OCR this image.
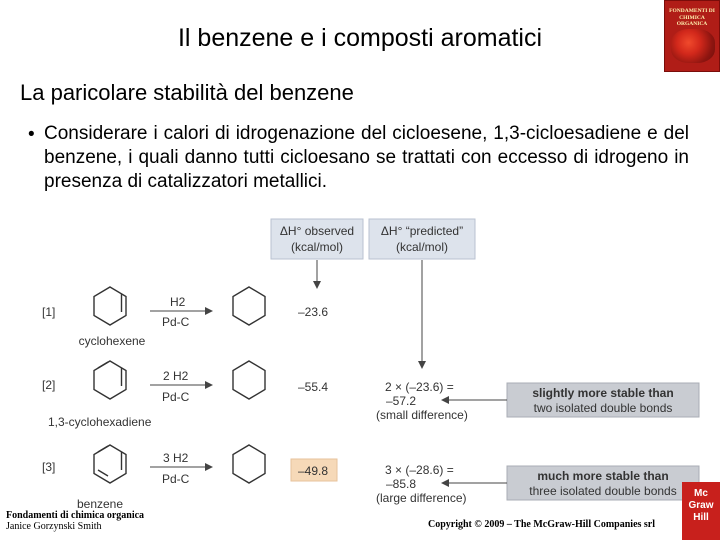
Il benzene e i composti aromatici
FONDAMENTI DI CHIMICA ORGANICA
La paricolare stabilità del benzene
• Considerare i calori di idrogenazione del cicloesene, 1,3-cicloesadiene e del benzene, i quali danno tutti cicloesano se trattati con eccesso di idrogeno in presenza di catalizzatori metallici.
ΔH° observed
(kcal/mol)
ΔH° “predicted”
(kcal/mol)
[1]
cyclohexene
H2
Pd-C
–23.6
[2]
1,3-cyclohexadiene
2 H2
Pd-C
–55.4	2 × (–23.6) =
–57.2
(small difference)
slightly more stable than
two isolated double bonds
[3]
benzene
3 H2
Pd-C
–49.8	3 × (–28.6) =
–85.8
(large difference)
much more stable than
three isolated double bonds
Fondamenti di chimica organica
Janice Gorzynski Smith	Copyright © 2009 – The McGraw-Hill Companies srl
Mc
Graw
Hill
